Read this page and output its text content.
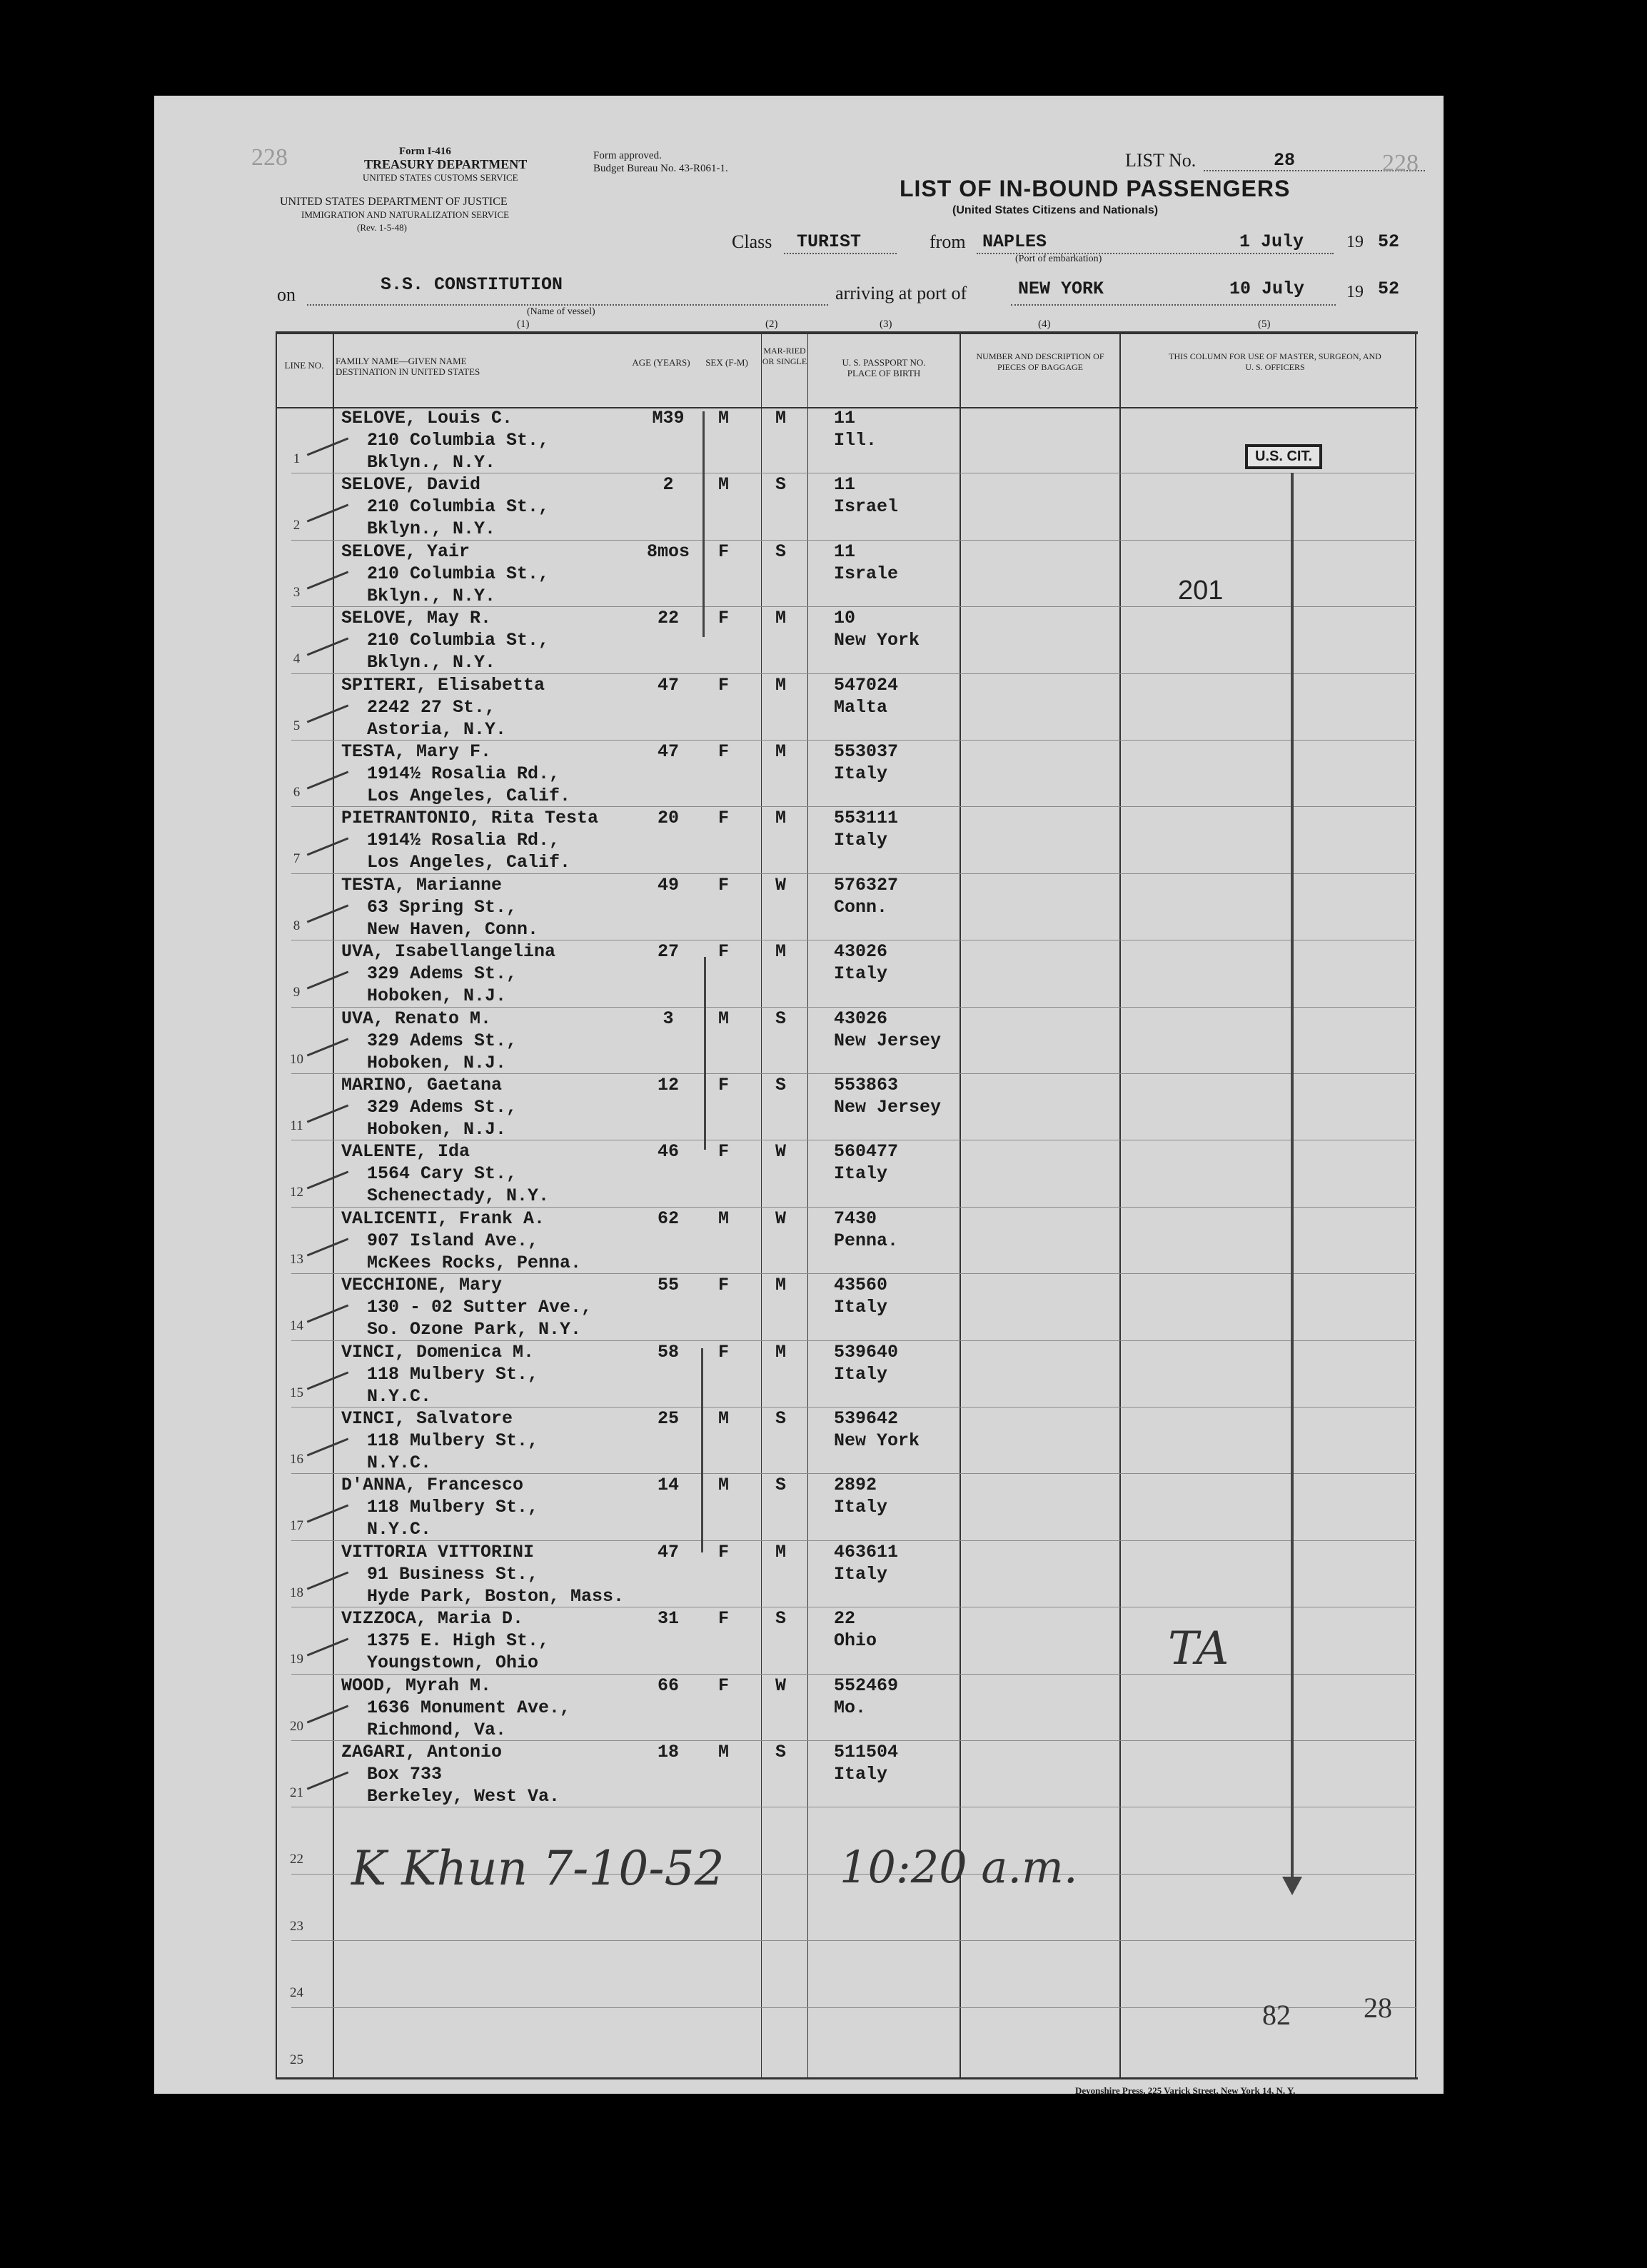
228	Form I-416
TREASURY DEPARTMENT
UNITED STATES CUSTOMS SERVICE
Form approved.
Budget Bureau No. 43-R061-1.
UNITED STATES DEPARTMENT OF JUSTICE
IMMIGRATION AND NATURALIZATION SERVICE
(Rev. 1-5-48)
LIST No.	28	228
LIST OF IN-BOUND PASSENGERS
(United States Citizens and Nationals)
Class TURIST	from NAPLES
(Port of embarkation)
1 July 19 52
on	S.S. CONSTITUTION
(Name of vessel)
arriving at port of	NEW YORK	10 July 19 52
(1)	(2)	(3)	(4)	(5)
LINE NO.	FAMILY NAME—GIVEN NAME
DESTINATION IN UNITED STATES
AGE (YEARS)	SEX (F-M)
MAR-RIED OR SINGLE	U. S. PASSPORT NO.
PLACE OF BIRTH
NUMBER AND DESCRIPTION OF PIECES OF BAGGAGE
THIS COLUMN FOR USE OF MASTER, SURGEON, AND U. S. OFFICERS
1
SELOVE, Louis C.
210 Columbia St.,
Bklyn., N.Y.
M39	M	M	11
Ill.
2
SELOVE, David
210 Columbia St.,
Bklyn., N.Y.
2	M	S	11
Israel
3
SELOVE, Yair
210 Columbia St.,
Bklyn., N.Y.
8mos F	S	11
Israle
4
SELOVE, May R.
210 Columbia St.,
Bklyn., N.Y.
22	F	M	10
New York
5
SPITERI, Elisabetta
2242 27 St.,
Astoria, N.Y.
47	F	M	547024
Malta
6
TESTA, Mary F.
1914½ Rosalia Rd.,
Los Angeles, Calif.
47	F	M	553037
Italy
7
PIETRANTONIO, Rita Testa
1914½ Rosalia Rd.,
Los Angeles, Calif.
20	F	M	553111
Italy
8
TESTA, Marianne
63 Spring St.,
New Haven, Conn.
49	F	W	576327
Conn.
9
UVA, Isabellangelina
329 Adems St.,
Hoboken, N.J.
27	F	M	43026
Italy
10
UVA, Renato M.
329 Adems St.,
Hoboken, N.J.
3	M	S	43026
New Jersey
11
MARINO, Gaetana
329 Adems St.,
Hoboken, N.J.
12	F	S	553863
New Jersey
12
VALENTE, Ida
1564 Cary St.,
Schenectady, N.Y.
46	F	W	560477
Italy
13
VALICENTI, Frank A.
907 Island Ave.,
McKees Rocks, Penna.
62	M	W	7430
Penna.
14
VECCHIONE, Mary
130 - 02 Sutter Ave.,
So. Ozone Park, N.Y.
55	F	M	43560
Italy
15
VINCI, Domenica M.
118 Mulbery St.,
N.Y.C.
58	F	M	539640
Italy
16
VINCI, Salvatore
118 Mulbery St.,
N.Y.C.
25	M	S	539642
New York
17
D'ANNA, Francesco
118 Mulbery St.,
N.Y.C.
14	M	S	2892
Italy
18
VITTORIA VITTORINI
91 Business St.,
Hyde Park, Boston, Mass.
47	F	M	463611
Italy
19
VIZZOCA, Maria D.
1375 E. High St.,
Youngstown, Ohio
31	F	S	22
Ohio
20
WOOD, Myrah M.
1636 Monument Ave.,
Richmond, Va.
66	F	W	552469
Mo.
21
ZAGARI, Antonio
Box 733
Berkeley, West Va.
18	M	S	511504
Italy
22
23
24
25
U.S. CIT.
201
TA
K Khun 7-10-52	10:20 a.m.
82	28
Devonshire Press, 225 Varick Street, New York 14, N. Y.
